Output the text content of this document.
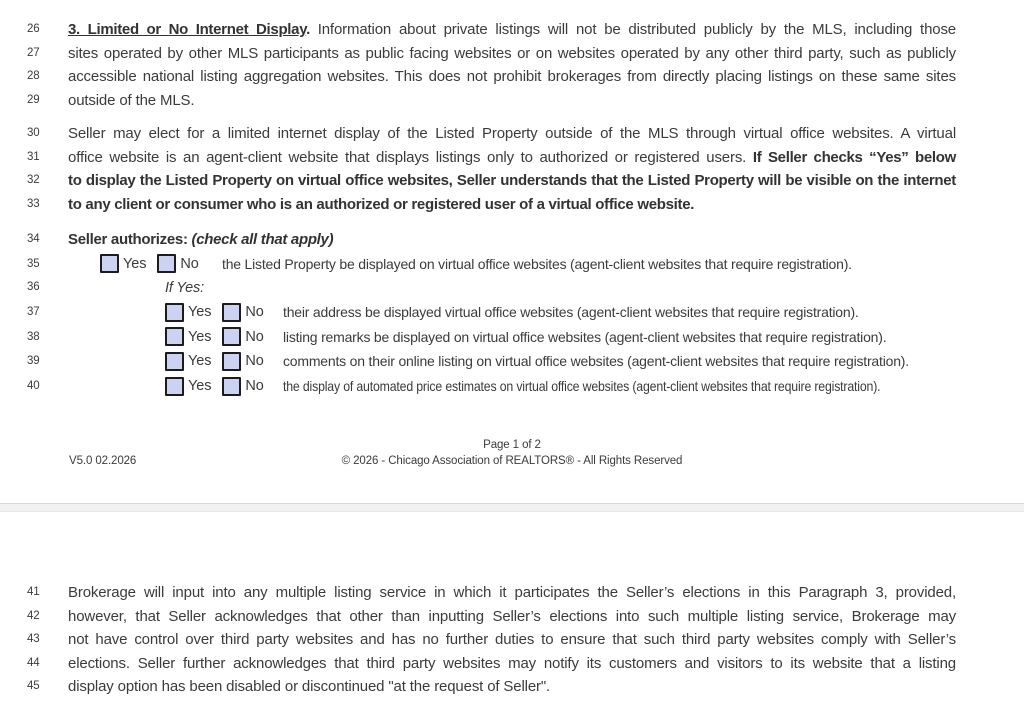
26	3. Limited or No Internet Display. Information about private listings will not be distributed publicly by the MLS, including those
27	sites operated by other MLS participants as public facing websites or on websites operated by any other third party, such as publicly
28	accessible national listing aggregation websites. This does not prohibit brokerages from directly placing listings on these same sites
29	outside of the MLS.
30	Seller may elect for a limited internet display of the Listed Property outside of the MLS through virtual office websites. A virtual
31	office website is an agent-client website that displays listings only to authorized or registered users. If Seller checks “Yes” below
32	to display the Listed Property on virtual office websites, Seller understands that the Listed Property will be visible on the internet
33	to any client or consumer who is an authorized or registered user of a virtual office website.
34	Seller authorizes: (check all that apply)
35	Yes No the Listed Property be displayed on virtual office websites (agent-client websites that require registration).
36	If Yes:
37	Yes No their address be displayed virtual office websites (agent-client websites that require registration).
38	Yes No listing remarks be displayed on virtual office websites (agent-client websites that require registration).
39	Yes No comments on their online listing on virtual office websites (agent-client websites that require registration).
40	Yes No the display of automated price estimates on virtual office websites (agent-client websites that require registration).
Page 1 of 2
V5.0 02.2026	© 2026 - Chicago Association of REALTORS® - All Rights Reserved
41	Brokerage will input into any multiple listing service in which it participates the Seller’s elections in this Paragraph 3, provided,
42	however, that Seller acknowledges that other than inputting Seller’s elections into such multiple listing service, Brokerage may
43	not have control over third party websites and has no further duties to ensure that such third party websites comply with Seller’s
44	elections. Seller further acknowledges that third party websites may notify its customers and visitors to its website that a listing
45	display option has been disabled or discontinued "at the request of Seller".
